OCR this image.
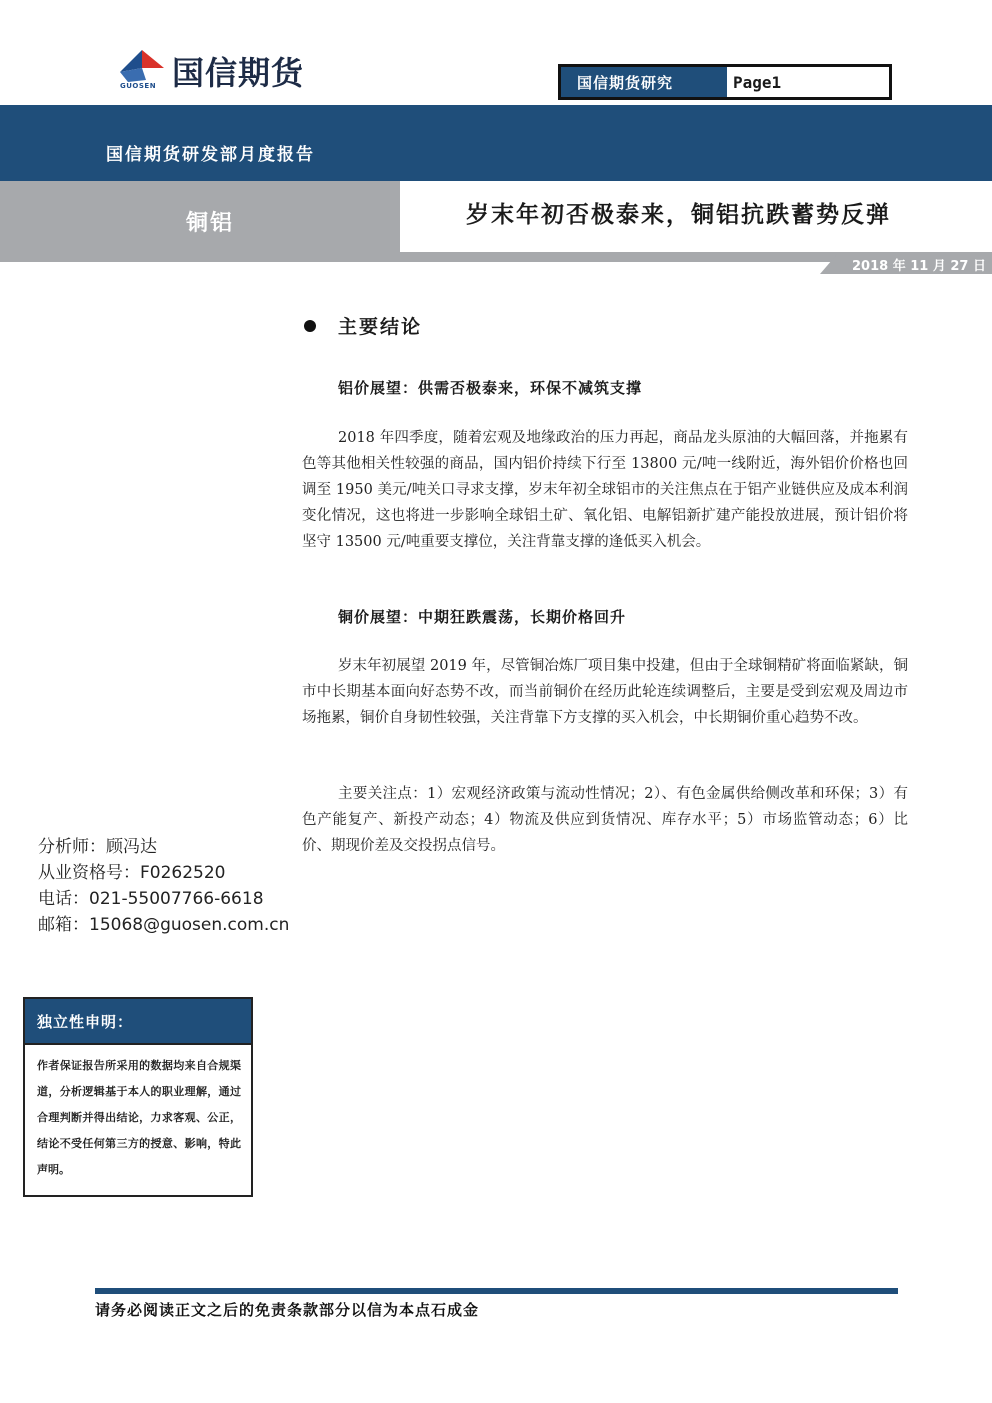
GUOSEN 国信期货	国信期货研究	Page1
国信期货研发部月度报告
铜铝	岁末年初否极泰来，铜铝抗跌蓄势反弹
2018 年 11 月 27 日
主要结论
铝价展望：供需否极泰来，环保不减筑支撑
2018 年四季度，随着宏观及地缘政治的压力再起，商品龙头原油的大幅回落，并拖累有色等其他相关性较强的商品，国内铝价持续下行至 13800 元/吨一线附近，海外铝价价格也回调至 1950 美元/吨关口寻求支撑，岁末年初全球铝市的关注焦点在于铝产业链供应及成本利润变化情况，这也将进一步影响全球铝土矿、氧化铝、电解铝新扩建产能投放进展，预计铝价将坚守 13500 元/吨重要支撑位，关注背靠支撑的逢低买入机会。
铜价展望：中期狂跌震荡，长期价格回升
岁末年初展望 2019 年，尽管铜冶炼厂项目集中投建，但由于全球铜精矿将面临紧缺，铜市中长期基本面向好态势不改，而当前铜价在经历此轮连续调整后，主要是受到宏观及周边市场拖累，铜价自身韧性较强，关注背靠下方支撑的买入机会，中长期铜价重心趋势不改。
主要关注点：1）宏观经济政策与流动性情况；2）、有色金属供给侧改革和环保；3）有色产能复产、新投产动态；4）物流及供应到货情况、库存水平；5）市场监管动态；6）比价、期现价差及交投拐点信号。
分析师：顾冯达
从业资格号：F0262520
电话：021-55007766-6618
邮箱：15068@guosen.com.cn
独立性申明：
作者保证报告所采用的数据均来自合规渠道，分析逻辑基于本人的职业理解，通过合理判断并得出结论，力求客观、公正，结论不受任何第三方的授意、影响，特此声明。
请务必阅读正文之后的免责条款部分以信为本点石成金
